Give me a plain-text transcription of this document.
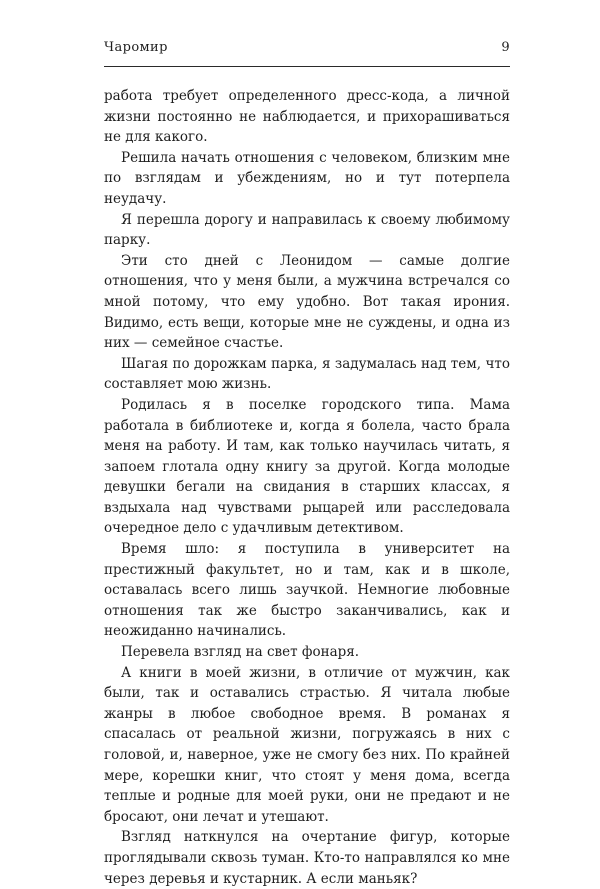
Чаромир	9

работа требует определенного дресс-кода, а личной жизни постоянно не наблюдается, и прихорашиваться не для какого.

Решила начать отношения с человеком, близким мне по взглядам и убеждениям, но и тут потерпела неудачу.

Я перешла дорогу и направилась к своему любимому парку.

Эти сто дней с Леонидом — самые долгие отношения, что у меня были, а мужчина встречался со мной потому, что ему удобно. Вот такая ирония. Видимо, есть вещи, которые мне не суждены, и одна из них — семейное счастье.

Шагая по дорожкам парка, я задумалась над тем, что составляет мою жизнь.

Родилась я в поселке городского типа. Мама работала в библиотеке и, когда я болела, часто брала меня на работу. И там, как только научилась читать, я запоем глотала одну книгу за другой. Когда молодые девушки бегали на свидания в старших классах, я вздыхала над чувствами рыцарей или расследовала очередное дело с удачливым детективом.

Время шло: я поступила в университет на престижный факультет, но и там, как и в школе, оставалась всего лишь заучкой. Немногие любовные отношения так же быстро заканчивались, как и неожиданно начинались.

Перевела взгляд на свет фонаря.

А книги в моей жизни, в отличие от мужчин, как были, так и оставались страстью. Я читала любые жанры в любое свободное время. В романах я спасалась от реальной жизни, погружаясь в них с головой, и, наверное, уже не смогу без них. По крайней мере, корешки книг, что стоят у меня дома, всегда теплые и родные для моей руки, они не предают и не бросают, они лечат и утешают.

Взгляд наткнулся на очертание фигур, которые проглядывали сквозь туман. Кто-то направлялся ко мне через деревья и кустарник. А если маньяк?
